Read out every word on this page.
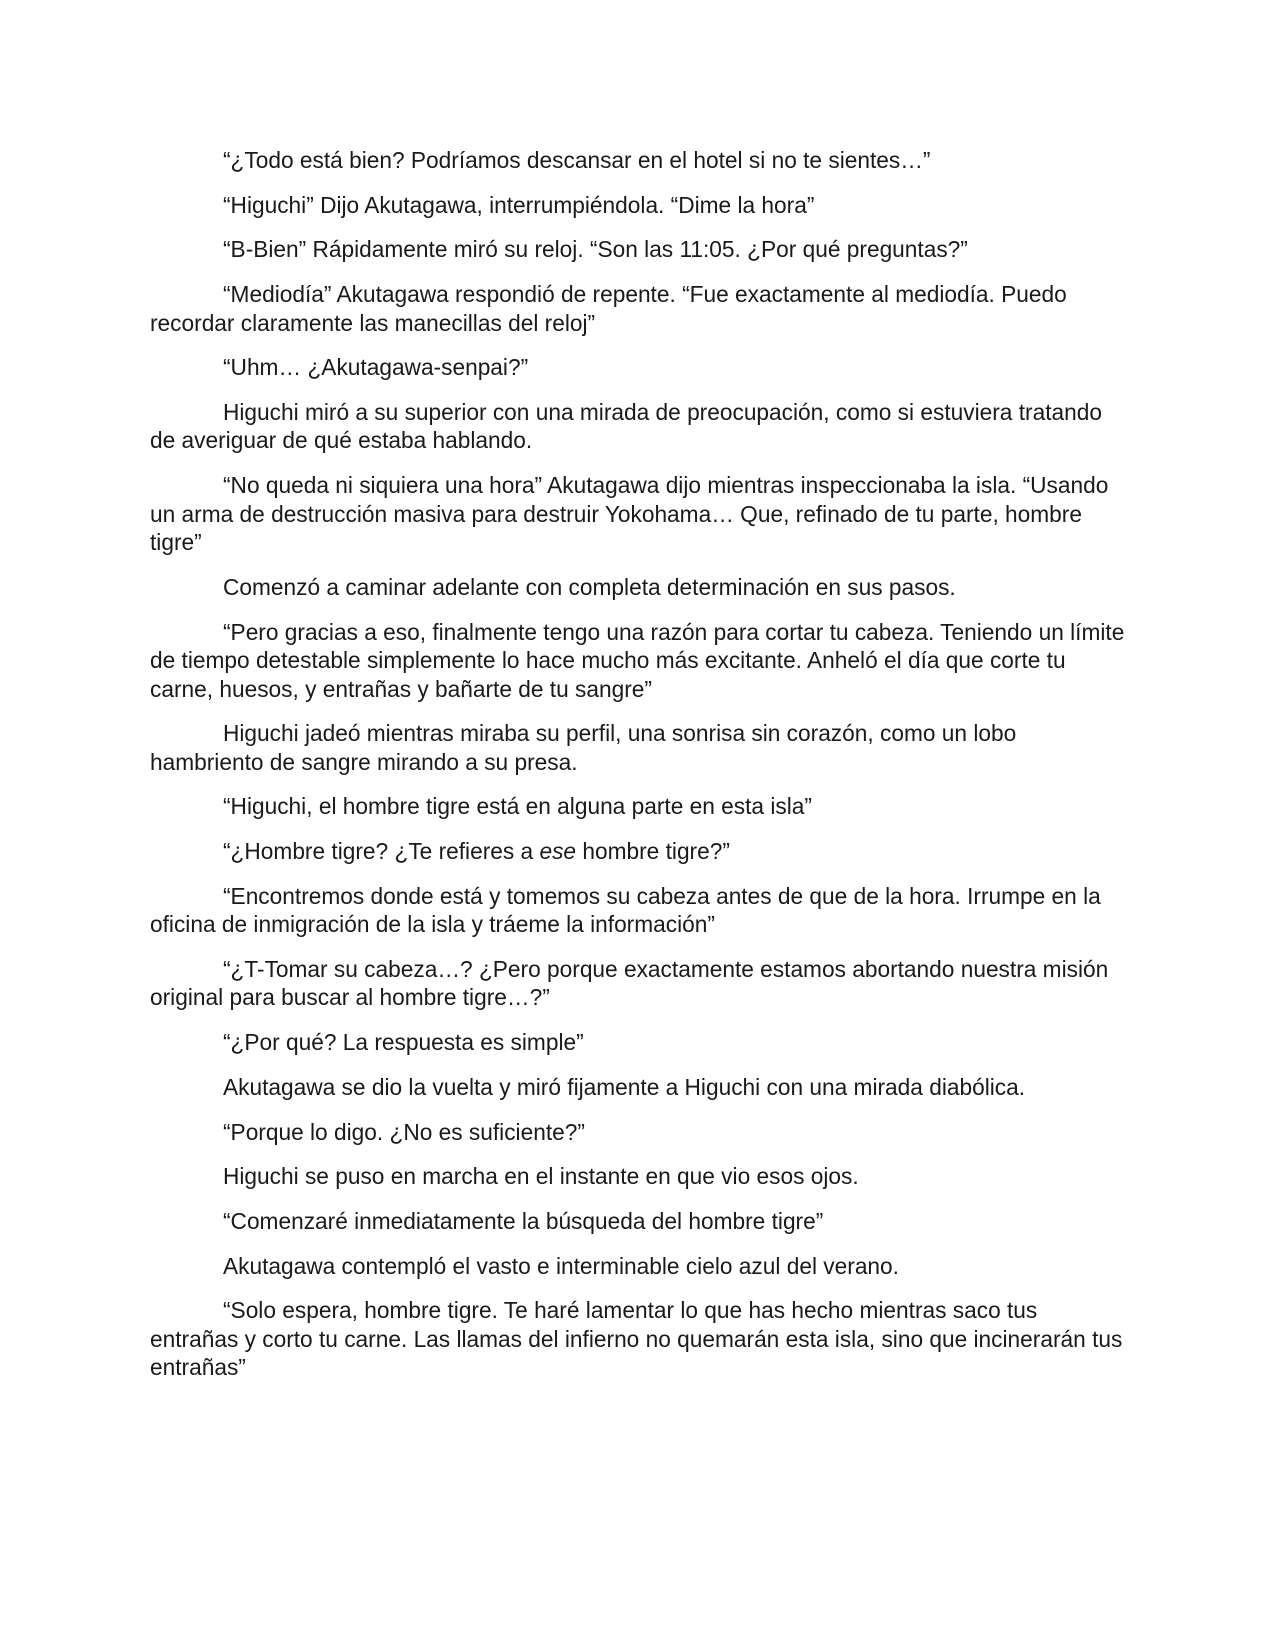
“¿Todo está bien? Podríamos descansar en el hotel si no te sientes…”

“Higuchi” Dijo Akutagawa, interrumpiéndola. “Dime la hora”

“B-Bien” Rápidamente miró su reloj. “Son las 11:05. ¿Por qué preguntas?”

“Mediodía” Akutagawa respondió de repente. “Fue exactamente al mediodía. Puedo recordar claramente las manecillas del reloj”

“Uhm… ¿Akutagawa-senpai?”

Higuchi miró a su superior con una mirada de preocupación, como si estuviera tratando de averiguar de qué estaba hablando.

“No queda ni siquiera una hora” Akutagawa dijo mientras inspeccionaba la isla. “Usando un arma de destrucción masiva para destruir Yokohama… Que, refinado de tu parte, hombre tigre”

Comenzó a caminar adelante con completa determinación en sus pasos.

“Pero gracias a eso, finalmente tengo una razón para cortar tu cabeza. Teniendo un límite de tiempo detestable simplemente lo hace mucho más excitante. Anheló el día que corte tu carne, huesos, y entrañas y bañarte de tu sangre”

Higuchi jadeó mientras miraba su perfil, una sonrisa sin corazón, como un lobo hambriento de sangre mirando a su presa.

“Higuchi, el hombre tigre está en alguna parte en esta isla”

“¿Hombre tigre? ¿Te refieres a ese hombre tigre?”

“Encontremos donde está y tomemos su cabeza antes de que de la hora. Irrumpe en la oficina de inmigración de la isla y tráeme la información”

“¿T-Tomar su cabeza…? ¿Pero porque exactamente estamos abortando nuestra misión original para buscar al hombre tigre…?”

“¿Por qué? La respuesta es simple”

Akutagawa se dio la vuelta y miró fijamente a Higuchi con una mirada diabólica.

“Porque lo digo. ¿No es suficiente?”

Higuchi se puso en marcha en el instante en que vio esos ojos.

“Comenzaré inmediatamente la búsqueda del hombre tigre”

Akutagawa contempló el vasto e interminable cielo azul del verano.

“Solo espera, hombre tigre. Te haré lamentar lo que has hecho mientras saco tus entrañas y corto tu carne. Las llamas del infierno no quemarán esta isla, sino que incinerarán tus entrañas”
